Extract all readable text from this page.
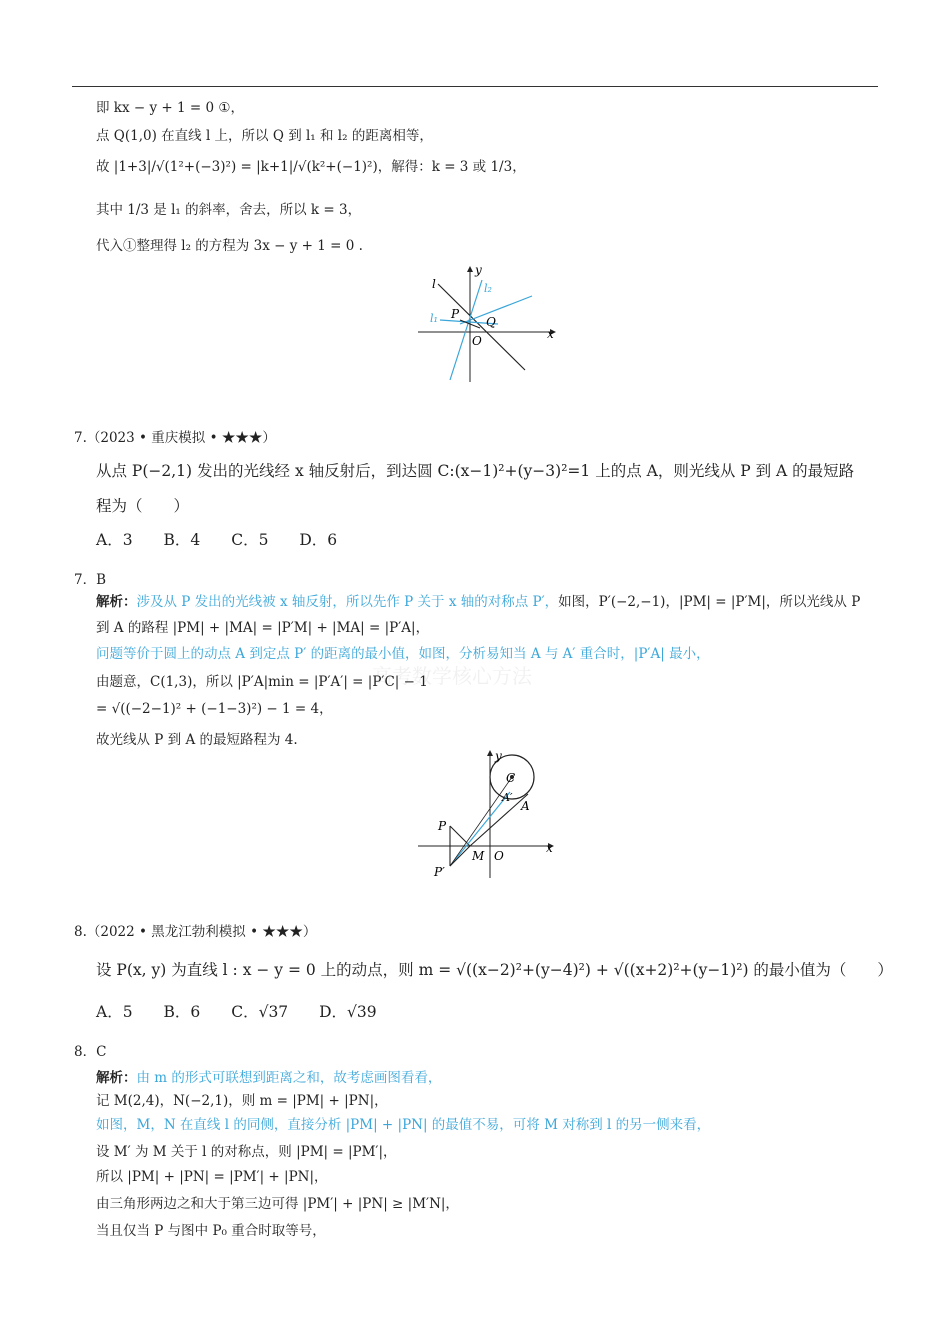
即 kx − y + 1 = 0 ①，
点 Q(1,0) 在直线 l 上，所以 Q 到 l₁ 和 l₂ 的距离相等，
故 |1+3|/√(1²+(−3)²) = |k+1|/√(k²+(−1)²)，解得：k = 3 或 1/3，
其中 1/3 是 l₁ 的斜率，舍去，所以 k = 3，
代入①整理得 l₂ 的方程为 3x − y + 1 = 0 .
l	l₂
l₁
y
x
P
Q
O
7.（2023 • 重庆模拟 • ★★★）
从点 P(−2,1) 发出的光线经 x 轴反射后，到达圆 C:(x−1)²+(y−3)²=1 上的点 A，则光线从 P 到 A 的最短路
程为（　　）
A．3 B．4 C．5 D．6
7．B
解析：涉及从 P 发出的光线被 x 轴反射，所以先作 P 关于 x 轴的对称点 P′，如图，P′(−2,−1)，|PM| = |P′M|，所以光线从 P
到 A 的路程 |PM| + |MA| = |P′M| + |MA| = |P′A|，
问题等价于圆上的动点 A 到定点 P′ 的距离的最小值，如图，分析易知当 A 与 A′ 重合时，|P′A| 最小，
高考数学核心方法
由题意，C(1,3)，所以 |P′A|min = |P′A′| = |P′C| − 1
= √((−2−1)² + (−1−3)²) − 1 = 4，
故光线从 P 到 A 的最短路程为 4.
y
x
C
A′
A
P
P′
M O
8.（2022 • 黑龙江勃利模拟 • ★★★）
设 P(x, y) 为直线 l : x − y = 0 上的动点，则 m = √((x−2)²+(y−4)²) + √((x+2)²+(y−1)²) 的最小值为（　　）
A．5 B．6 C．√37 D．√39
8．C
解析：由 m 的形式可联想到距离之和，故考虑画图看看，
记 M(2,4)，N(−2,1)，则 m = |PM| + |PN|，
如图，M，N 在直线 l 的同侧，直接分析 |PM| + |PN| 的最值不易，可将 M 对称到 l 的另一侧来看，
设 M′ 为 M 关于 l 的对称点，则 |PM| = |PM′|，
所以 |PM| + |PN| = |PM′| + |PN|，
由三角形两边之和大于第三边可得 |PM′| + |PN| ≥ |M′N|，
当且仅当 P 与图中 P₀ 重合时取等号，
